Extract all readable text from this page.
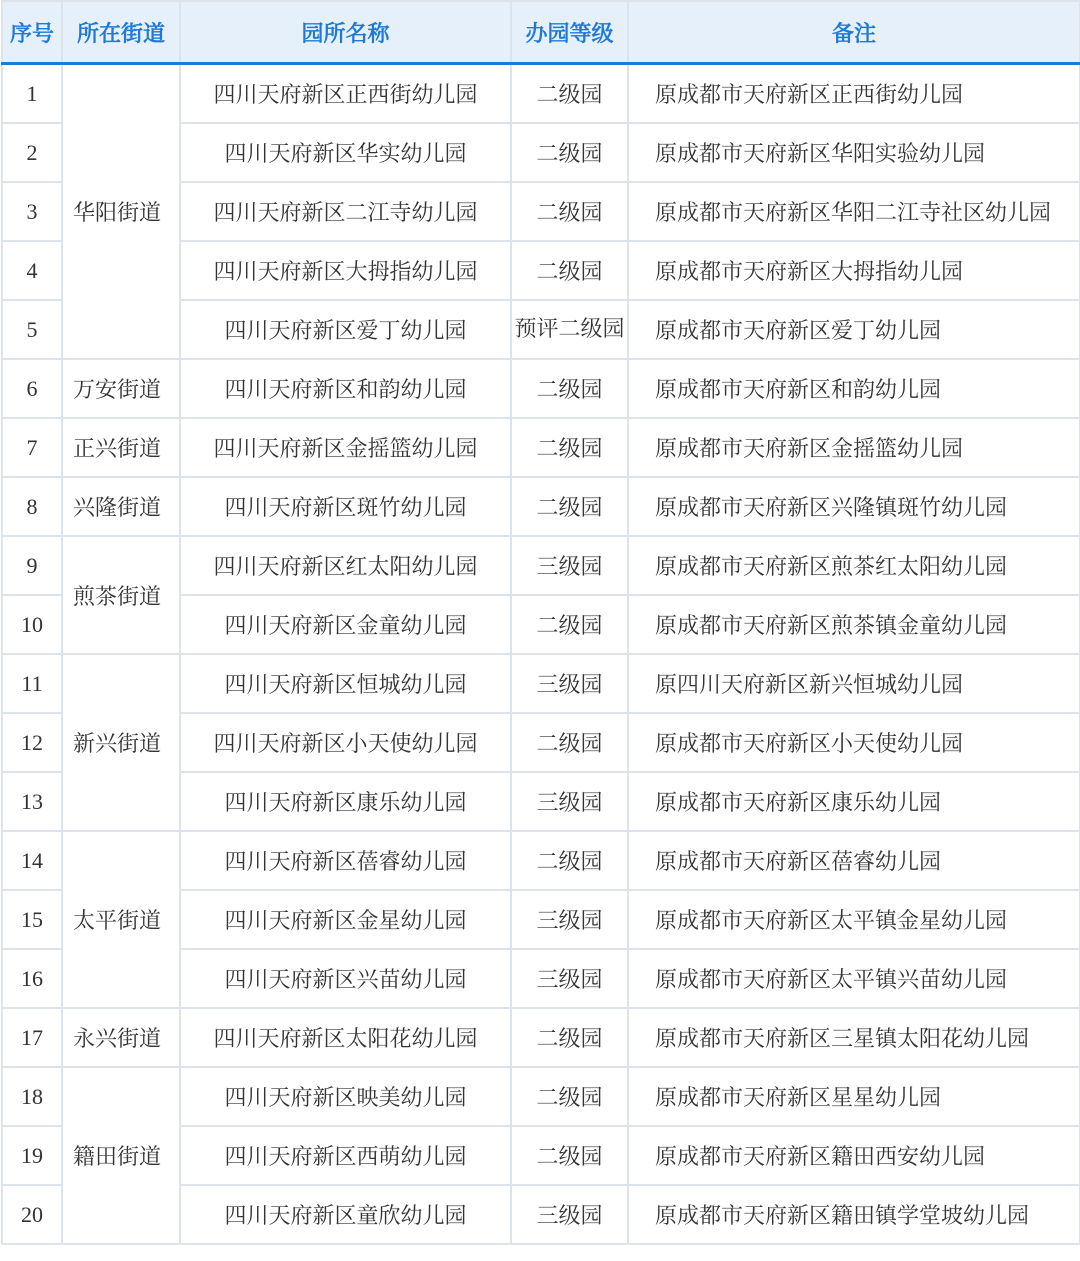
序号	所在街道	园所名称	办园等级	备注
1	华阳街道	四川天府新区正西街幼儿园	二级园	原成都市天府新区正西街幼儿园
2		四川天府新区华实幼儿园	二级园	原成都市天府新区华阳实验幼儿园
3		四川天府新区二江寺幼儿园	二级园	原成都市天府新区华阳二江寺社区幼儿园
4		四川天府新区大拇指幼儿园	二级园	原成都市天府新区大拇指幼儿园
5		四川天府新区爱丁幼儿园	预评二级园	原成都市天府新区爱丁幼儿园
6	万安街道	四川天府新区和韵幼儿园	二级园	原成都市天府新区和韵幼儿园
7	正兴街道	四川天府新区金摇篮幼儿园	二级园	原成都市天府新区金摇篮幼儿园
8	兴隆街道	四川天府新区斑竹幼儿园	二级园	原成都市天府新区兴隆镇斑竹幼儿园
9	煎茶街道	四川天府新区红太阳幼儿园	三级园	原成都市天府新区煎茶红太阳幼儿园
10		四川天府新区金童幼儿园	二级园	原成都市天府新区煎茶镇金童幼儿园
11	新兴街道	四川天府新区恒城幼儿园	三级园	原四川天府新区新兴恒城幼儿园
12		四川天府新区小天使幼儿园	二级园	原成都市天府新区小天使幼儿园
13		四川天府新区康乐幼儿园	三级园	原成都市天府新区康乐幼儿园
14	太平街道	四川天府新区蓓睿幼儿园	二级园	原成都市天府新区蓓睿幼儿园
15		四川天府新区金星幼儿园	三级园	原成都市天府新区太平镇金星幼儿园
16		四川天府新区兴苗幼儿园	三级园	原成都市天府新区太平镇兴苗幼儿园
17	永兴街道	四川天府新区太阳花幼儿园	二级园	原成都市天府新区三星镇太阳花幼儿园
18	籍田街道	四川天府新区映美幼儿园	二级园	原成都市天府新区星星幼儿园
19		四川天府新区西萌幼儿园	二级园	原成都市天府新区籍田西安幼儿园
20		四川天府新区童欣幼儿园	三级园	原成都市天府新区籍田镇学堂坡幼儿园
